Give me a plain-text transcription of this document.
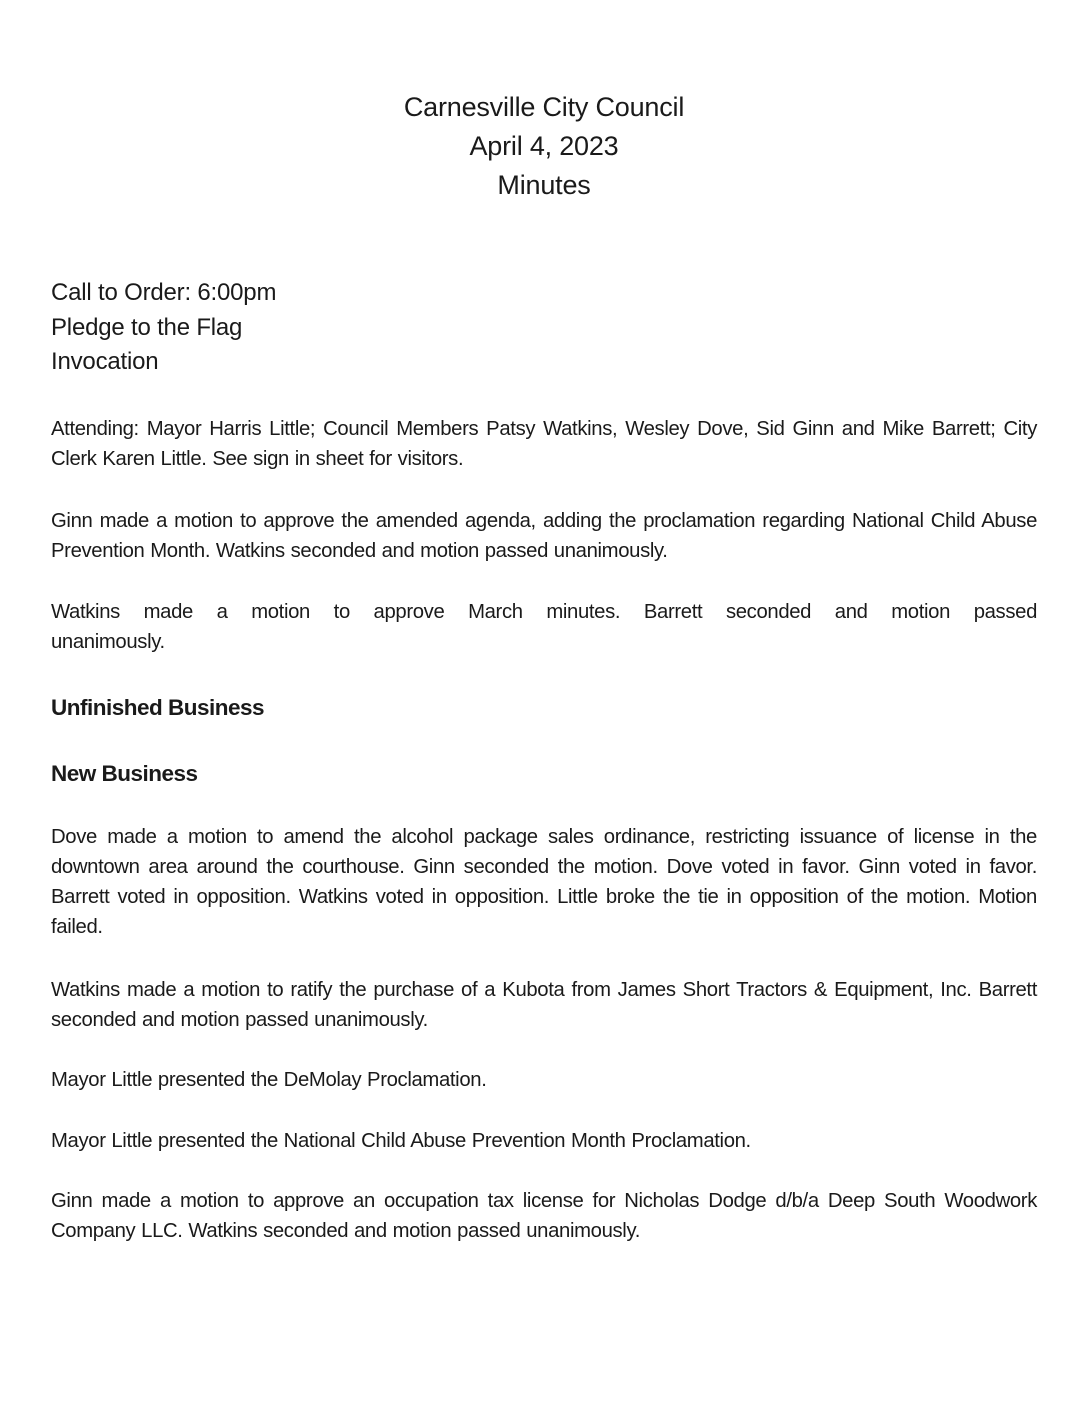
Carnesville City Council
April 4, 2023
Minutes
Call to Order: 6:00pm
Pledge to the Flag
Invocation
Attending: Mayor Harris Little; Council Members Patsy Watkins, Wesley Dove, Sid Ginn and Mike Barrett; City Clerk Karen Little. See sign in sheet for visitors.
Ginn made a motion to approve the amended agenda, adding the proclamation regarding National Child Abuse Prevention Month. Watkins seconded and motion passed unanimously.
Watkins made a motion to approve March minutes. Barrett seconded and motion passed
unanimously.
Unfinished Business
New Business
Dove made a motion to amend the alcohol package sales ordinance, restricting issuance of license in the downtown area around the courthouse. Ginn seconded the motion. Dove voted in favor. Ginn voted in favor. Barrett voted in opposition. Watkins voted in opposition. Little broke the tie in opposition of the motion. Motion failed.
Watkins made a motion to ratify the purchase of a Kubota from James Short Tractors & Equipment, Inc. Barrett seconded and motion passed unanimously.
Mayor Little presented the DeMolay Proclamation.
Mayor Little presented the National Child Abuse Prevention Month Proclamation.
Ginn made a motion to approve an occupation tax license for Nicholas Dodge d/b/a Deep South Woodwork Company LLC. Watkins seconded and motion passed unanimously.
